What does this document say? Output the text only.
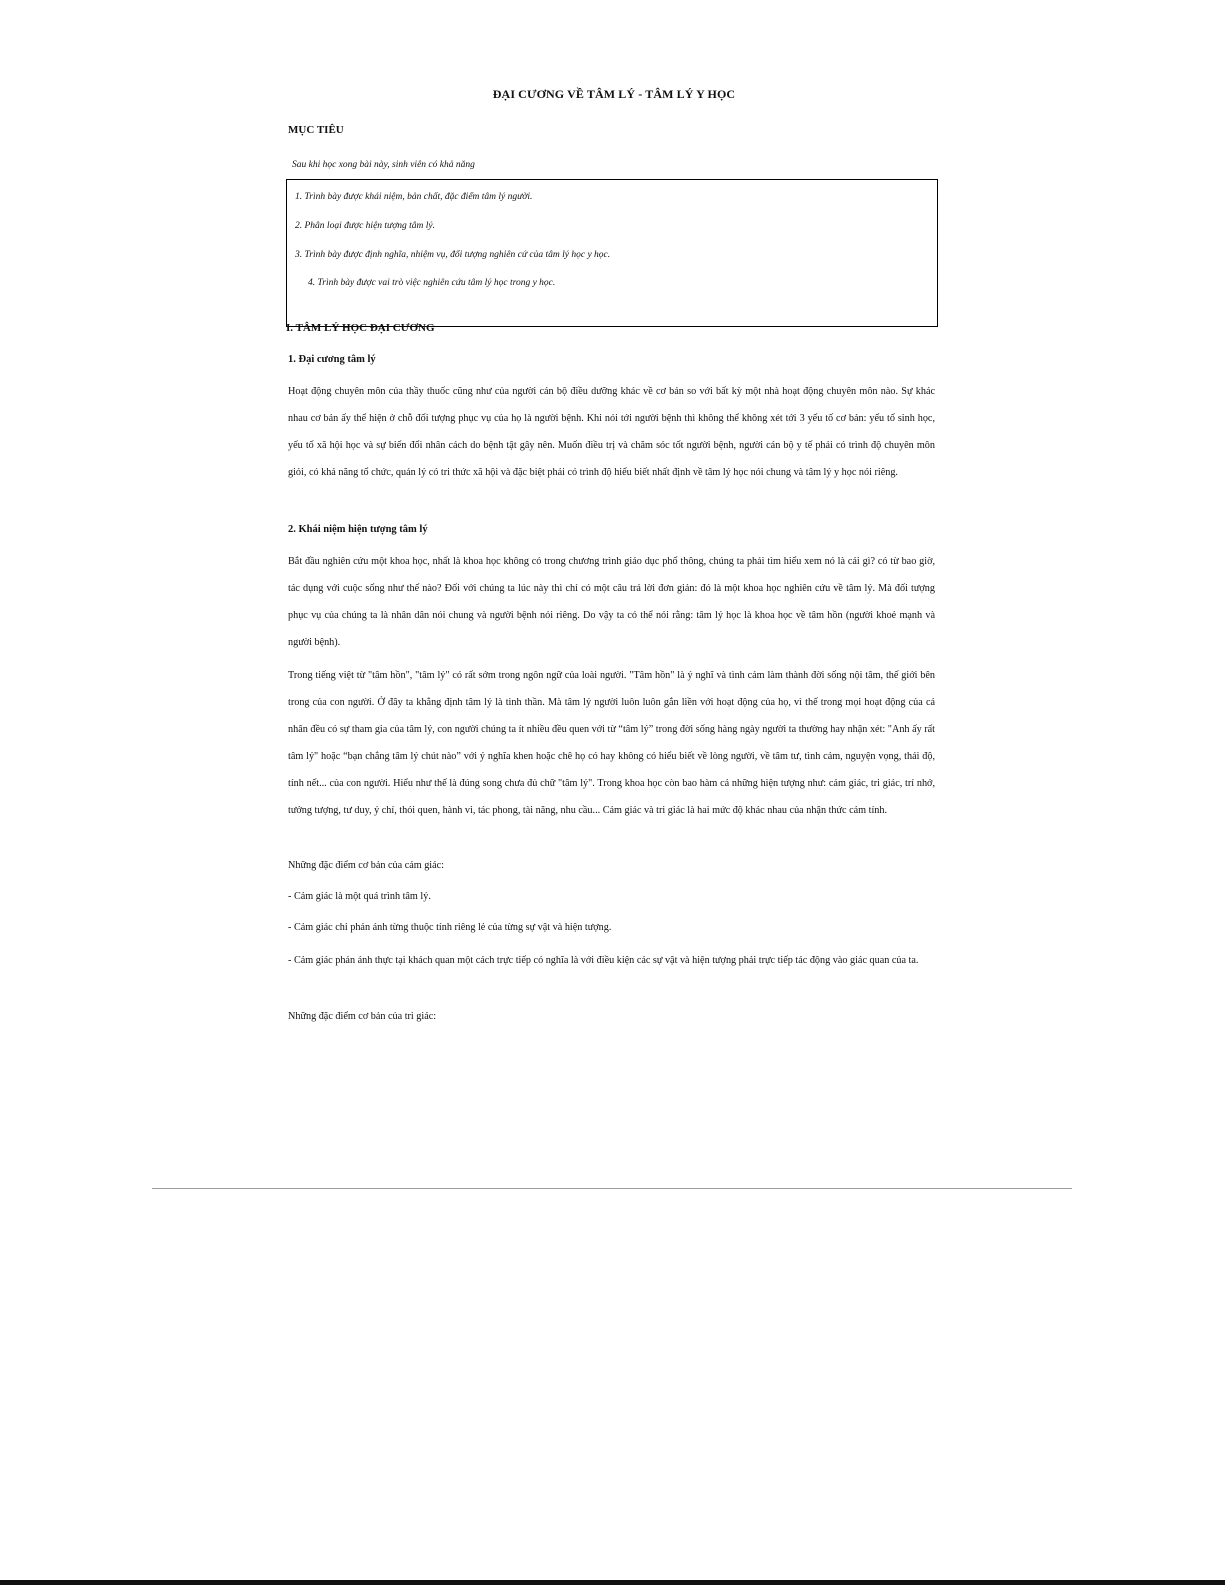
ĐẠI CƯƠNG VỀ TÂM LÝ - TÂM LÝ Y HỌC
MỤC TIÊU
Sau khi học xong bài này, sinh viên có khả năng
1. Trình bày được khái niệm, bản chất, đặc điểm tâm lý người.
2. Phân loại được hiện tượng tâm lý.
3. Trình bày được định nghĩa, nhiệm vụ, đối tượng nghiên cứ của tâm lý học y học.
4. Trình bày được vai trò việc nghiên cứu tâm lý học trong y học.
I. TÂM LÝ HỌC ĐẠI CƯƠNG
1. Đại cương tâm lý

Hoạt động chuyên môn của thầy thuốc cũng như của người cán bộ điều dưỡng khác về cơ bản so với bất kỳ một nhà hoạt động chuyên môn nào. Sự khác nhau cơ bản ấy thể hiện ở chỗ đối tượng phục vụ của họ là người bệnh. Khi nói tới người bệnh thì không thể không xét tới 3 yếu tố cơ bản: yếu tố sinh học, yếu tố xã hội học và sự biến đổi nhân cách do bệnh tật gây nên. Muốn điều trị và chăm sóc tốt người bệnh, người cán bộ y tế phải có trình độ chuyên môn giỏi, có khả năng tổ chức, quản lý có tri thức xã hội và đặc biệt phải có trình độ hiểu biết nhất định về tâm lý học nói chung và tâm lý y học nói riêng.

2. Khái niệm hiện tượng tâm lý

Bắt đầu nghiên cứu một khoa học, nhất là khoa học không có trong chương trình giáo dục phổ thông, chúng ta phải tìm hiểu xem nó là cái gì? có từ bao giờ, tác dụng với cuộc sống như thế nào? Đối với chúng ta lúc này thì chỉ có một câu trả lời đơn giản: đó là một khoa học nghiên cứu về tâm lý. Mà đối tượng phục vụ của chúng ta là nhân dân nói chung và người bệnh nói riêng. Do vậy ta có thể nói rằng: tâm lý học là khoa học về tâm hồn (người khoẻ mạnh và người bệnh).

Trong tiếng việt từ "tâm hồn", "tâm lý" có rất sớm trong ngôn ngữ của loài người. "Tâm hồn" là ý nghĩ và tình cảm làm thành đời sống nội tâm, thế giới bên trong của con người. Ở đây ta khẳng định tâm lý là tinh thần. Mà tâm lý người luôn luôn gắn liền với hoạt động của họ, vì thế trong mọi hoạt động của cá nhân đều có sự tham gia của tâm lý, con người chúng ta ít nhiều đều quen với từ “tâm lý” trong đời sống hàng ngày người ta thường hay nhận xét: "Anh ấy rất tâm lý" hoặc “bạn chẳng tâm lý chút nào” với ý nghĩa khen hoặc chê họ có hay không có hiểu biết về lòng người, về tâm tư, tình cảm, nguyện vọng, thái độ, tính nết... của con người. Hiểu như thế là đúng song chưa đủ chữ "tâm lý". Trong khoa học còn bao hàm cả những hiện tượng như: cảm giác, tri giác, trí nhớ, tưởng tượng, tư duy, ý chí, thói quen, hành vi, tác phong, tài năng, nhu cầu... Cảm giác và tri giác là hai mức độ khác nhau của nhận thức cảm tính.

Những đặc điểm cơ bản của cảm giác:
- Cảm giác là một quá trình tâm lý.
- Cảm giác chỉ phản ánh từng thuộc tính riêng lẻ của từng sự vật và hiện tượng.

- Cảm giác phản ánh thực tại khách quan một cách trực tiếp có nghĩa là với điều kiện các sự vật và hiện tượng phải trực tiếp tác động vào giác quan của ta.

Những đặc điểm cơ bản của tri giác:
